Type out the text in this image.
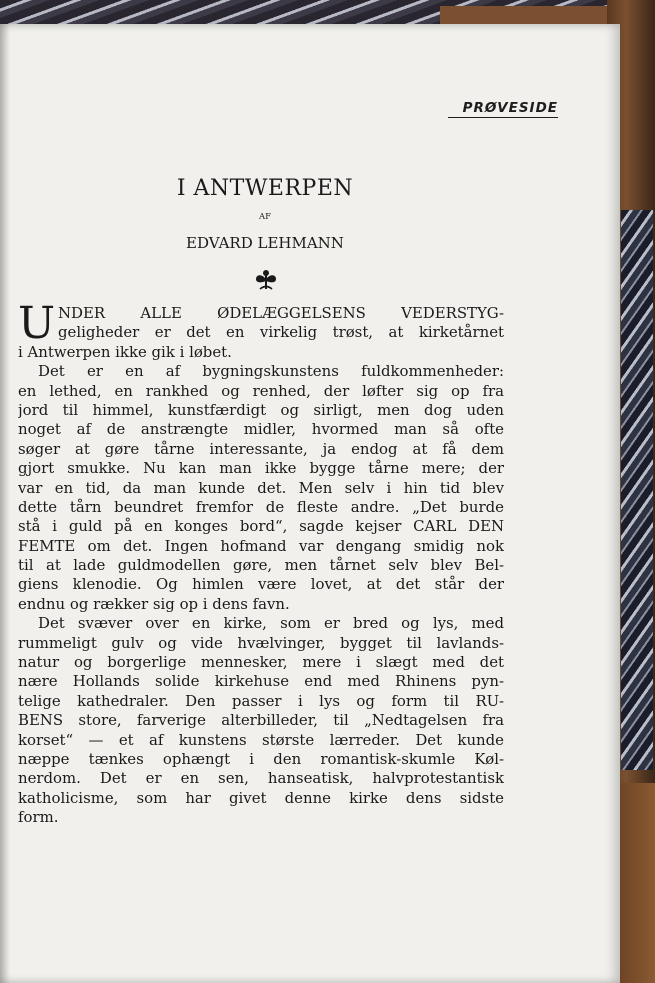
PRØVESIDE
I ANTWERPEN
AF
EDVARD LEHMANN
U NDER ALLE ØDELÆGGELSENS VEDERSTYG-
geligheder er det en virkelig trøst, at kirketårnet
i Antwerpen ikke gik i løbet.
Det er en af bygningskunstens fuldkommenheder:
en lethed, en rankhed og renhed, der løfter sig op fra
jord til himmel, kunstfærdigt og sirligt, men dog uden
noget af de anstrængte midler, hvormed man så ofte
søger at gøre tårne interessante, ja endog at få dem
gjort smukke. Nu kan man ikke bygge tårne mere; der
var en tid, da man kunde det. Men selv i hin tid blev
dette tårn beundret fremfor de fleste andre. „Det burde
stå i guld på en konges bord“, sagde kejser CARL DEN
FEMTE om det. Ingen hofmand var dengang smidig nok
til at lade guldmodellen gøre, men tårnet selv blev Bel-
giens klenodie. Og himlen være lovet, at det står der
endnu og rækker sig op i dens favn.
Det svæver over en kirke, som er bred og lys, med
rummeligt gulv og vide hvælvinger, bygget til lavlands-
natur og borgerlige mennesker, mere i slægt med det
nære Hollands solide kirkehuse end med Rhinens pyn-
telige kathedraler. Den passer i lys og form til RU-
BENS store, farverige alterbilleder, til „Nedtagelsen fra
korset“ — et af kunstens største lærreder. Det kunde
næppe tænkes ophængt i den romantisk-skumle Køl-
nerdom. Det er en sen, hanseatisk, halvprotestantisk
katholicisme, som har givet denne kirke dens sidste
form.
